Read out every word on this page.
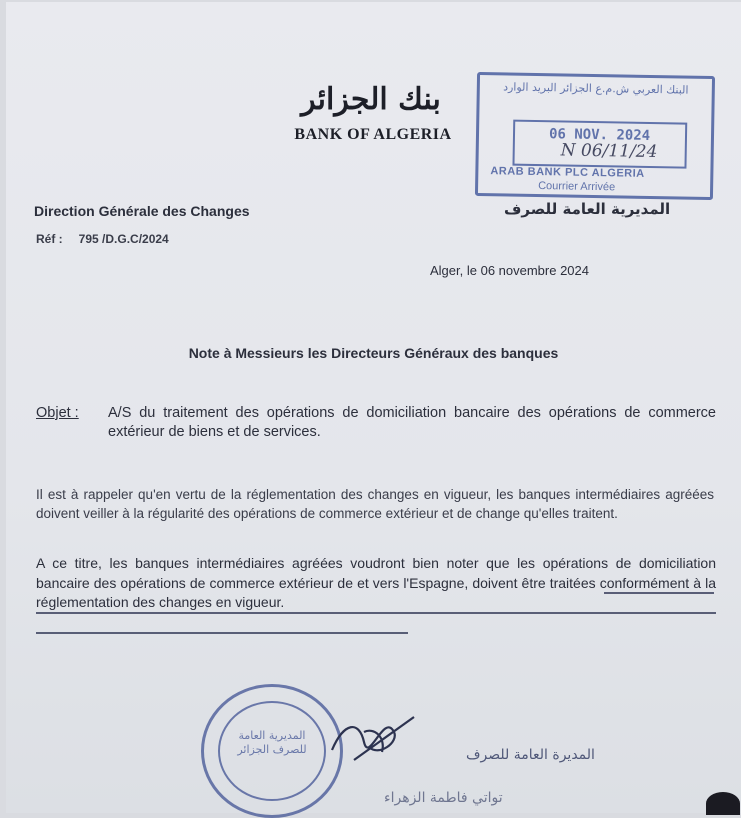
بنك الجزائر
BANK OF ALGERIA
البنك العربي ش.م.ع الجزائر البريد الوارد
06 NOV. 2024
N 06/11/24
ARAB BANK PLC ALGERIA
Courrier Arrivée
Direction Générale des Changes	المديرية العامة للصرف
Réf : 795 /D.G.C/2024
Alger, le 06 novembre 2024
Note à Messieurs les Directeurs Généraux des banques
Objet : A/S du traitement des opérations de domiciliation bancaire des opérations de commerce extérieur de biens et de services.
Il est à rappeler qu'en vertu de la réglementation des changes en vigueur, les banques intermédiaires agréées doivent veiller à la régularité des opérations de commerce extérieur et de change qu'elles traitent.
A ce titre, les banques intermédiaires agréées voudront bien noter que les opérations de domiciliation bancaire des opérations de commerce extérieur de et vers l'Espagne, doivent être traitées conformément à la réglementation des changes en vigueur.
المديرية العامة للصرف الجزائر	المديرة العامة للصرف
تواتي فاطمة الزهراء
